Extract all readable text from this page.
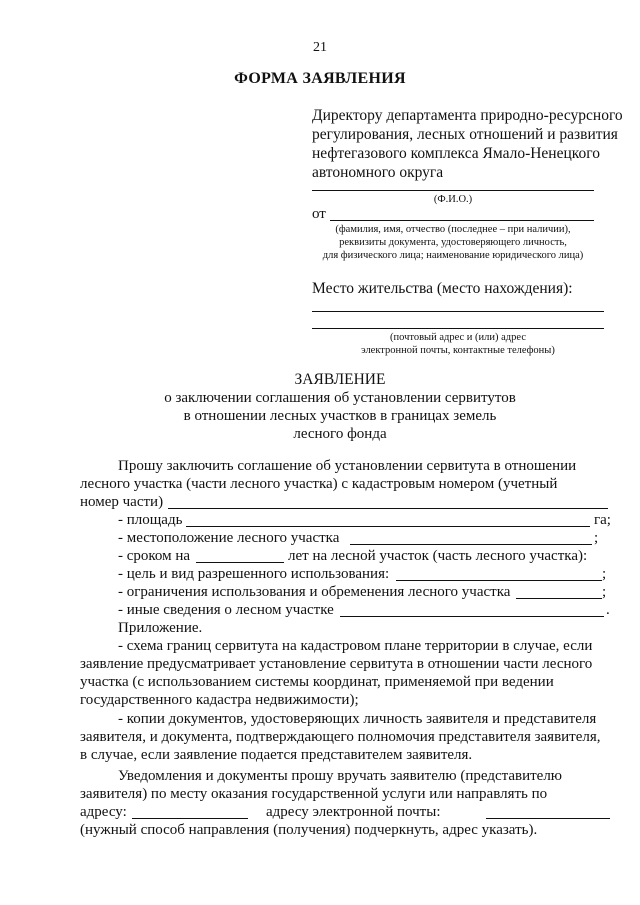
21
ФОРМА ЗАЯВЛЕНИЯ
Директору департамента природно-ресурсного
регулирования, лесных отношений и развития
нефтегазового комплекса Ямало-Ненецкого
автономного округа
(Ф.И.О.)
от
(фамилия, имя, отчество (последнее – при наличии),
реквизиты документа, удостоверяющего личность,
для физического лица; наименование юридического лица)
Место жительства (место нахождения):
(почтовый адрес и (или) адрес
электронной почты, контактные телефоны)
ЗАЯВЛЕНИЕ
о заключении соглашения об установлении сервитутов
в отношении лесных участков в границах земель
лесного фонда
Прошу заключить соглашение об установлении сервитута в отношении
лесного участка (части лесного участка) с кадастровым номером (учетный
номер части)
- площадь	га;
- местоположение лесного участка	;
- сроком на	лет на лесной участок (часть лесного участка):
- цель и вид разрешенного использования:	;
- ограничения использования и обременения лесного участка	;
- иные сведения о лесном участке	.
Приложение.
- схема границ сервитута на кадастровом плане территории в случае, если
заявление предусматривает установление сервитута в отношении части лесного
участка (с использованием системы координат, применяемой при ведении
государственного кадастра недвижимости);
- копии документов, удостоверяющих личность заявителя и представителя
заявителя, и документа, подтверждающего полномочия представителя заявителя,
в случае, если заявление подается представителем заявителя.
Уведомления и документы прошу вручать заявителю (представителю
заявителя) по месту оказания государственной услуги или направлять по
адресу:	адресу электронной почты:
(нужный способ направления (получения) подчеркнуть, адрес указать).
